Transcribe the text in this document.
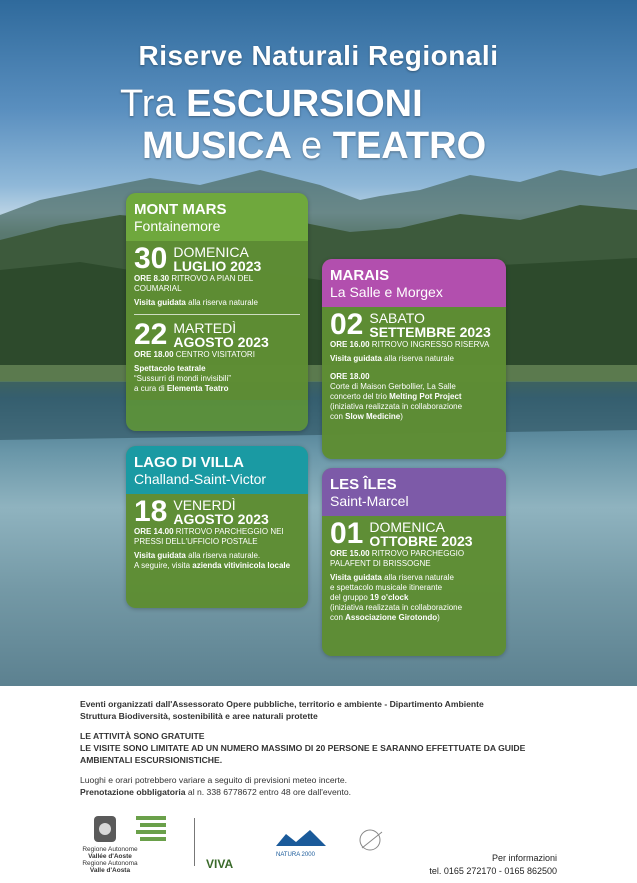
Riserve Naturali Regionali
Tra ESCURSIONI
MUSICA e TEATRO
MONT MARS
Fontainemore
30 DOMENICA
LUGLIO 2023
ORE 8.30 RITROVO A PIAN DEL COUMARIAL
Visita guidata alla riserva naturale
22 MARTEDÌ
AGOSTO 2023
ORE 18.00 CENTRO VISITATORI
Spettacolo teatrale
“Sussurri di mondi invisibili”
a cura di Elementa Teatro
MARAIS
La Salle e Morgex
02 SABATO
SETTEMBRE 2023
ORE 16.00 RITROVO INGRESSO RISERVA
Visita guidata alla riserva naturale
ORE 18.00
Corte di Maison Gerbollier, La Salle
concerto del trio Melting Pot Project
(iniziativa realizzata in collaborazione
con Slow Medicine)
LAGO DI VILLA
Challand-Saint-Victor
18 VENERDÌ
AGOSTO 2023
ORE 14.00 RITROVO PARCHEGGIO NEI PRESSI DELL'UFFICIO POSTALE
Visita guidata alla riserva naturale.
A seguire, visita azienda vitivinicola locale
LES ÎLES
Saint-Marcel
01 DOMENICA
OTTOBRE 2023
ORE 15.00 RITROVO PARCHEGGIO PALAFENT DI BRISSOGNE
Visita guidata alla riserva naturale
e spettacolo musicale itinerante
del gruppo 19 o'clock
(iniziativa realizzata in collaborazione
con Associazione Girotondo)
Eventi organizzati dall'Assessorato Opere pubbliche, territorio e ambiente - Dipartimento Ambiente
Struttura Biodiversità, sostenibilità e aree naturali protette
LE ATTIVITÀ SONO GRATUITE
LE VISITE SONO LIMITATE AD UN NUMERO MASSIMO DI 20 PERSONE E SARANNO EFFETTUATE DA GUIDE AMBIENTALI ESCURSIONISTICHE.
Luoghi e orari potrebbero variare a seguito di previsioni meteo incerte.
Prenotazione obbligatoria al n. 338 6778672 entro 48 ore dall'evento.
VIVA
NATURA 2000
Regione Autonome
Vallée d'Aoste
Regione Autonoma
Valle d'Aosta
Per informazioni
tel. 0165 272170 - 0165 862500
